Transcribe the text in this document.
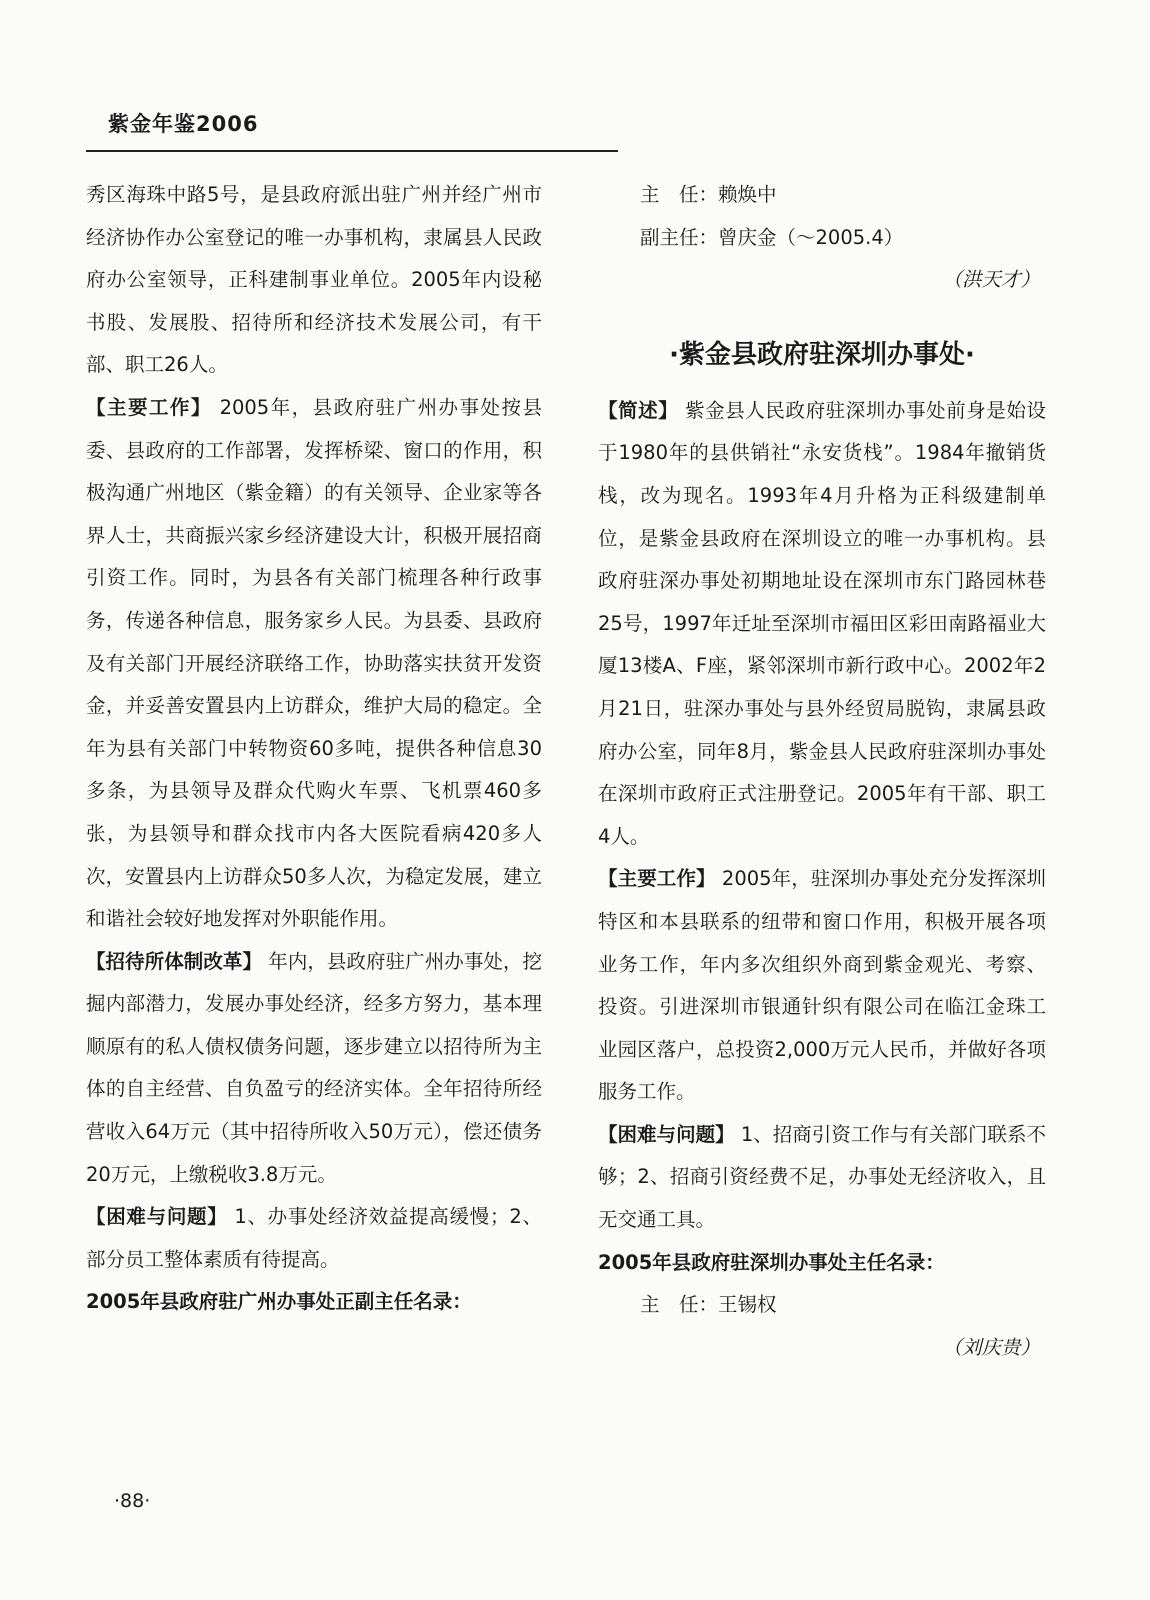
紫金年鉴2006

秀区海珠中路5号，是县政府派出驻广州并经广州市经济协作办公室登记的唯一办事机构，隶属县人民政府办公室领导，正科建制事业单位。2005年内设秘书股、发展股、招待所和经济技术发展公司，有干部、职工26人。

【主要工作】 2005年，县政府驻广州办事处按县委、县政府的工作部署，发挥桥梁、窗口的作用，积极沟通广州地区（紫金籍）的有关领导、企业家等各界人士，共商振兴家乡经济建设大计，积极开展招商引资工作。同时，为县各有关部门梳理各种行政事务，传递各种信息，服务家乡人民。为县委、县政府及有关部门开展经济联络工作，协助落实扶贫开发资金，并妥善安置县内上访群众，维护大局的稳定。全年为县有关部门中转物资60多吨，提供各种信息30多条，为县领导及群众代购火车票、飞机票460多张，为县领导和群众找市内各大医院看病420多人次，安置县内上访群众50多人次，为稳定发展，建立和谐社会较好地发挥对外职能作用。

【招待所体制改革】 年内，县政府驻广州办事处，挖掘内部潜力，发展办事处经济，经多方努力，基本理顺原有的私人债权债务问题，逐步建立以招待所为主体的自主经营、自负盈亏的经济实体。全年招待所经营收入64万元（其中招待所收入50万元），偿还债务20万元，上缴税收3.8万元。

【困难与问题】 1、办事处经济效益提高缓慢；2、部分员工整体素质有待提高。

2005年县政府驻广州办事处正副主任名录：

主　任：赖焕中

副主任：曾庆金（～2005.4）

（洪天才）

·紫金县政府驻深圳办事处·

【简述】 紫金县人民政府驻深圳办事处前身是始设于1980年的县供销社“永安货栈”。1984年撤销货栈，改为现名。1993年4月升格为正科级建制单位，是紫金县政府在深圳设立的唯一办事机构。县政府驻深办事处初期地址设在深圳市东门路园林巷25号，1997年迁址至深圳市福田区彩田南路福业大厦13楼A、F座，紧邻深圳市新行政中心。2002年2月21日，驻深办事处与县外经贸局脱钩，隶属县政府办公室，同年8月，紫金县人民政府驻深圳办事处在深圳市政府正式注册登记。2005年有干部、职工4人。

【主要工作】 2005年，驻深圳办事处充分发挥深圳特区和本县联系的纽带和窗口作用，积极开展各项业务工作，年内多次组织外商到紫金观光、考察、投资。引进深圳市银通针织有限公司在临江金珠工业园区落户，总投资2,000万元人民币，并做好各项服务工作。

【困难与问题】 1、招商引资工作与有关部门联系不够；2、招商引资经费不足，办事处无经济收入，且无交通工具。

2005年县政府驻深圳办事处主任名录：

主　任：王锡权

（刘庆贵）

·88·
